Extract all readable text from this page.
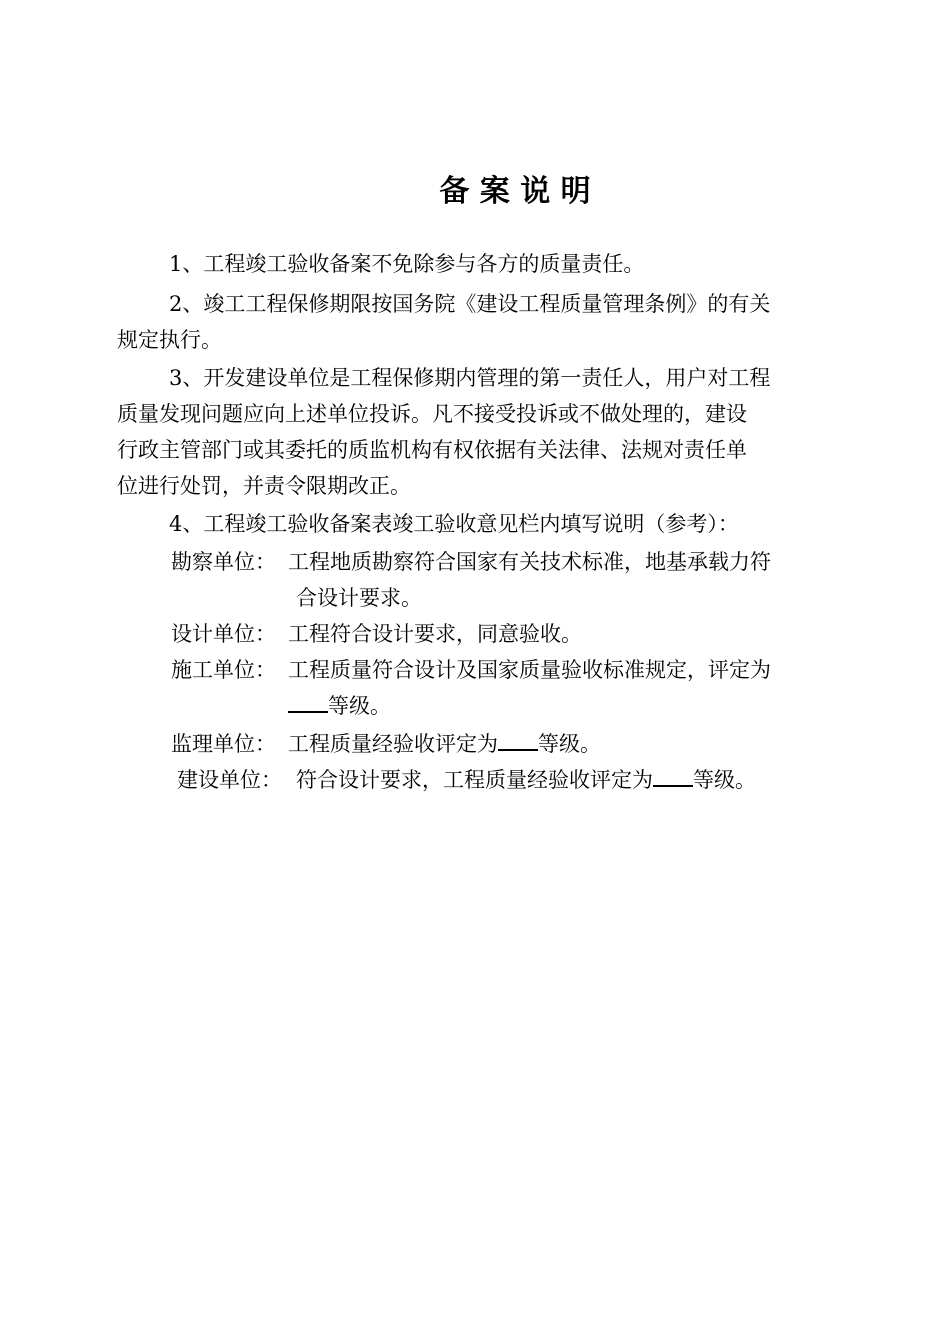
备 案 说 明
1、工程竣工验收备案不免除参与各方的质量责任。
2、竣工工程保修期限按国务院《建设工程质量管理条例》的有关
规定执行。
3、开发建设单位是工程保修期内管理的第一责任人，用户对工程
质量发现问题应向上述单位投诉。凡不接受投诉或不做处理的，建设
行政主管部门或其委托的质监机构有权依据有关法律、法规对责任单
位进行处罚，并责令限期改正。
4、工程竣工验收备案表竣工验收意见栏内填写说明（参考）：
勘察单位： 工程地质勘察符合国家有关技术标准，地基承载力符
合设计要求。
设计单位： 工程符合设计要求，同意验收。
施工单位： 工程质量符合设计及国家质量验收标准规定，评定为
等级。
监理单位： 工程质量经验收评定为 等级。
建设单位： 符合设计要求，工程质量经验收评定为 等级。
